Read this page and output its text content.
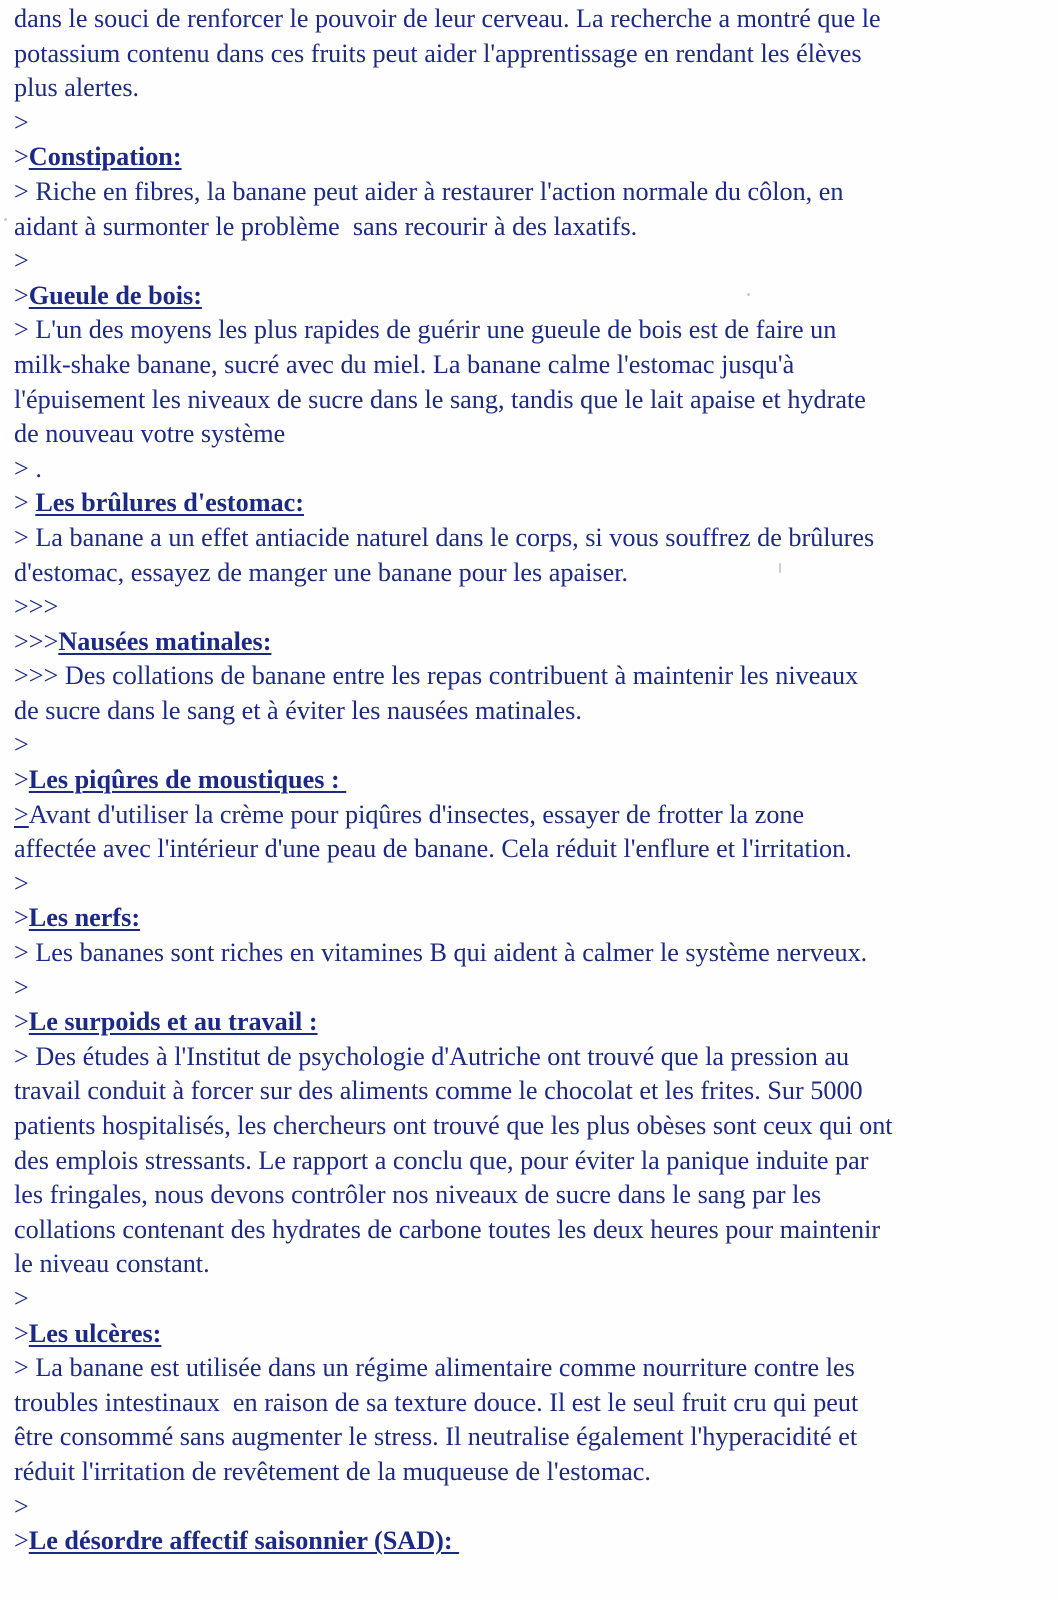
dans le souci de renforcer le pouvoir de leur cerveau. La recherche a montré que le
potassium contenu dans ces fruits peut aider l'apprentissage en rendant les élèves
plus alertes.
>
>Constipation:
> Riche en fibres, la banane peut aider à restaurer l'action normale du côlon, en
aidant à surmonter le problème  sans recourir à des laxatifs.
>
>Gueule de bois:
> L'un des moyens les plus rapides de guérir une gueule de bois est de faire un
milk-shake banane, sucré avec du miel. La banane calme l'estomac jusqu'à
l'épuisement les niveaux de sucre dans le sang, tandis que le lait apaise et hydrate
de nouveau votre système
> .
> Les brûlures d'estomac:
> La banane a un effet antiacide naturel dans le corps, si vous souffrez de brûlures
d'estomac, essayez de manger une banane pour les apaiser.
>>>
>>>Nausées matinales:
>>> Des collations de banane entre les repas contribuent à maintenir les niveaux
de sucre dans le sang et à éviter les nausées matinales.
>
>Les piqûres de moustiques :
>Avant d'utiliser la crème pour piqûres d'insectes, essayer de frotter la zone
affectée avec l'intérieur d'une peau de banane. Cela réduit l'enflure et l'irritation.
>
>Les nerfs:
> Les bananes sont riches en vitamines B qui aident à calmer le système nerveux.
>
>Le surpoids et au travail :
> Des études à l'Institut de psychologie d'Autriche ont trouvé que la pression au
travail conduit à forcer sur des aliments comme le chocolat et les frites. Sur 5000
patients hospitalisés, les chercheurs ont trouvé que les plus obèses sont ceux qui ont
des emplois stressants. Le rapport a conclu que, pour éviter la panique induite par
les fringales, nous devons contrôler nos niveaux de sucre dans le sang par les
collations contenant des hydrates de carbone toutes les deux heures pour maintenir
le niveau constant.
>
>Les ulcères:
> La banane est utilisée dans un régime alimentaire comme nourriture contre les
troubles intestinaux  en raison de sa texture douce. Il est le seul fruit cru qui peut
être consommé sans augmenter le stress. Il neutralise également l'hyperacidité et
réduit l'irritation de revêtement de la muqueuse de l'estomac.
>
>Le désordre affectif saisonnier (SAD):
